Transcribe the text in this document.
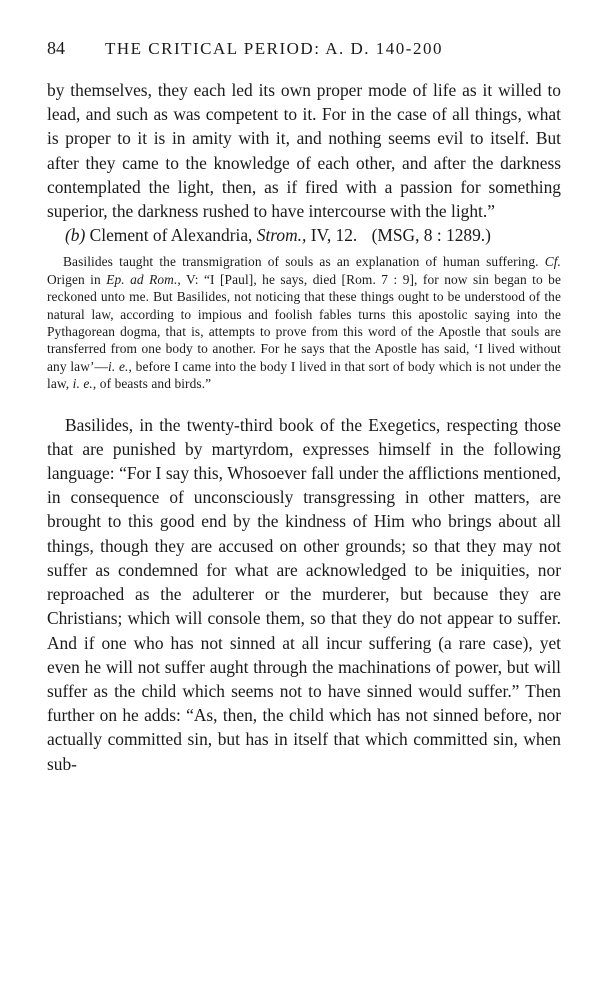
84	THE CRITICAL PERIOD: A. D. 140-200

by themselves, they each led its own proper mode of life as it willed to lead, and such as was competent to it. For in the case of all things, what is proper to it is in amity with it, and nothing seems evil to itself. But after they came to the knowledge of each other, and after the darkness contemplated the light, then, as if fired with a passion for something superior, the darkness rushed to have intercourse with the light.”

(b) Clement of Alexandria, Strom., IV, 12. (MSG, 8 : 1289.)

Basilides taught the transmigration of souls as an explanation of human suffering. Cf. Origen in Ep. ad Rom., V: “I [Paul], he says, died [Rom. 7 : 9], for now sin began to be reckoned unto me. But Basilides, not noticing that these things ought to be understood of the natural law, according to impious and foolish fables turns this apostolic saying into the Pythagorean dogma, that is, attempts to prove from this word of the Apostle that souls are transferred from one body to another. For he says that the Apostle has said, ‘I lived without any law’—i. e., before I came into the body I lived in that sort of body which is not under the law, i. e., of beasts and birds.”

Basilides, in the twenty-third book of the Exegetics, respecting those that are punished by martyrdom, expresses himself in the following language: “For I say this, Whosoever fall under the afflictions mentioned, in consequence of unconsciously transgressing in other matters, are brought to this good end by the kindness of Him who brings about all things, though they are accused on other grounds; so that they may not suffer as condemned for what are acknowledged to be iniquities, nor reproached as the adulterer or the murderer, but because they are Christians; which will console them, so that they do not appear to suffer. And if one who has not sinned at all incur suffering (a rare case), yet even he will not suffer aught through the machinations of power, but will suffer as the child which seems not to have sinned would suffer.” Then further on he adds: “As, then, the child which has not sinned before, nor actually committed sin, but has in itself that which committed sin, when sub-
